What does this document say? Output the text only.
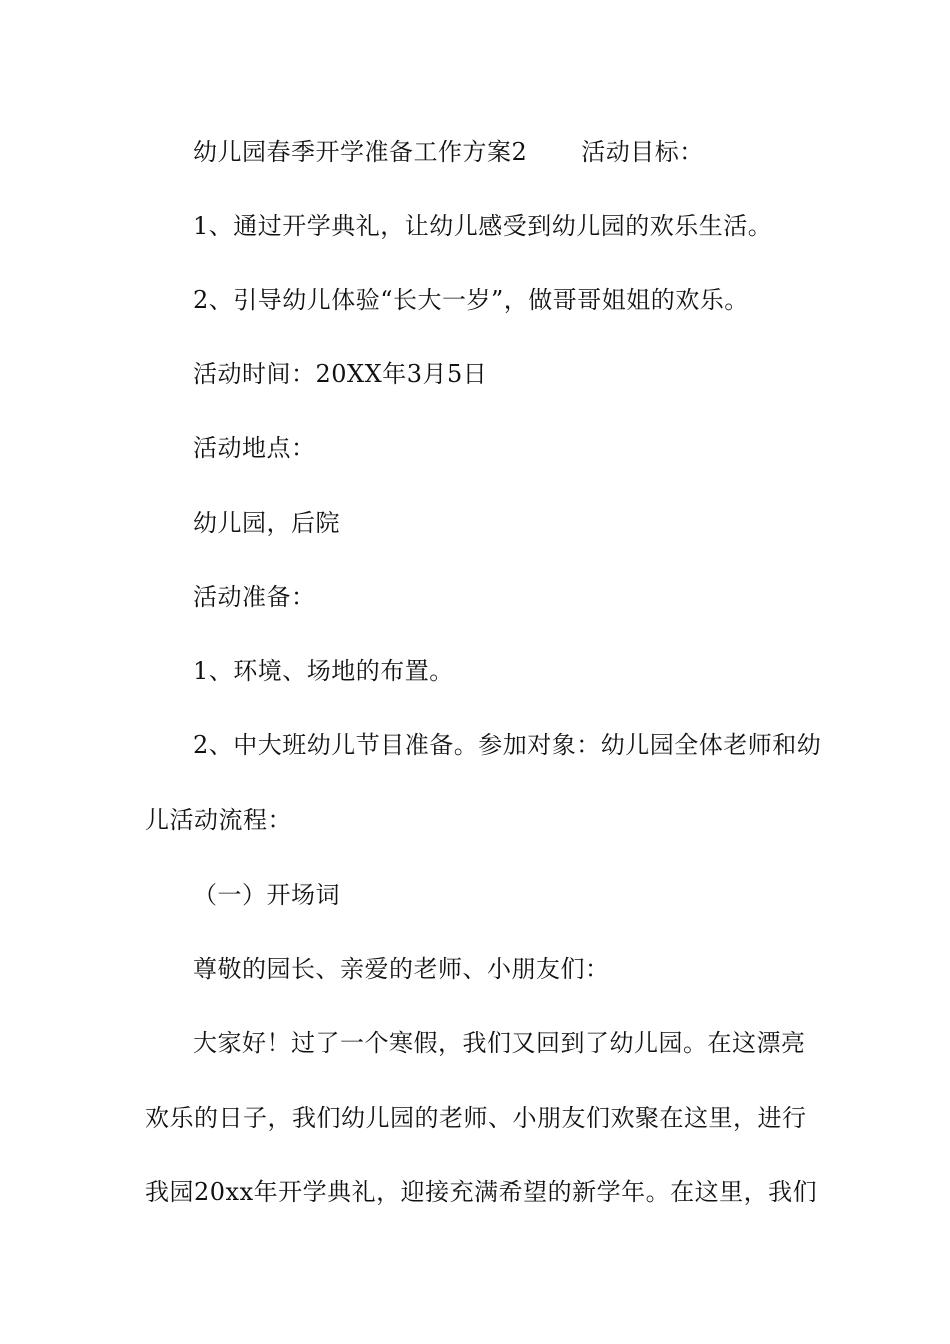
幼儿园春季开学准备工作方案2 活动目标：
1、通过开学典礼，让幼儿感受到幼儿园的欢乐生活。
2、引导幼儿体验“长大一岁”，做哥哥姐姐的欢乐。
活动时间：20XX年3月5日
活动地点：
幼儿园，后院
活动准备：
1、环境、场地的布置。
2、中大班幼儿节目准备。参加对象：幼儿园全体老师和幼
儿活动流程：
（一）开场词
尊敬的园长、亲爱的老师、小朋友们：
大家好！过了一个寒假，我们又回到了幼儿园。在这漂亮
欢乐的日子，我们幼儿园的老师、小朋友们欢聚在这里，进行
我园20xx年开学典礼，迎接充满希望的新学年。在这里，我们
